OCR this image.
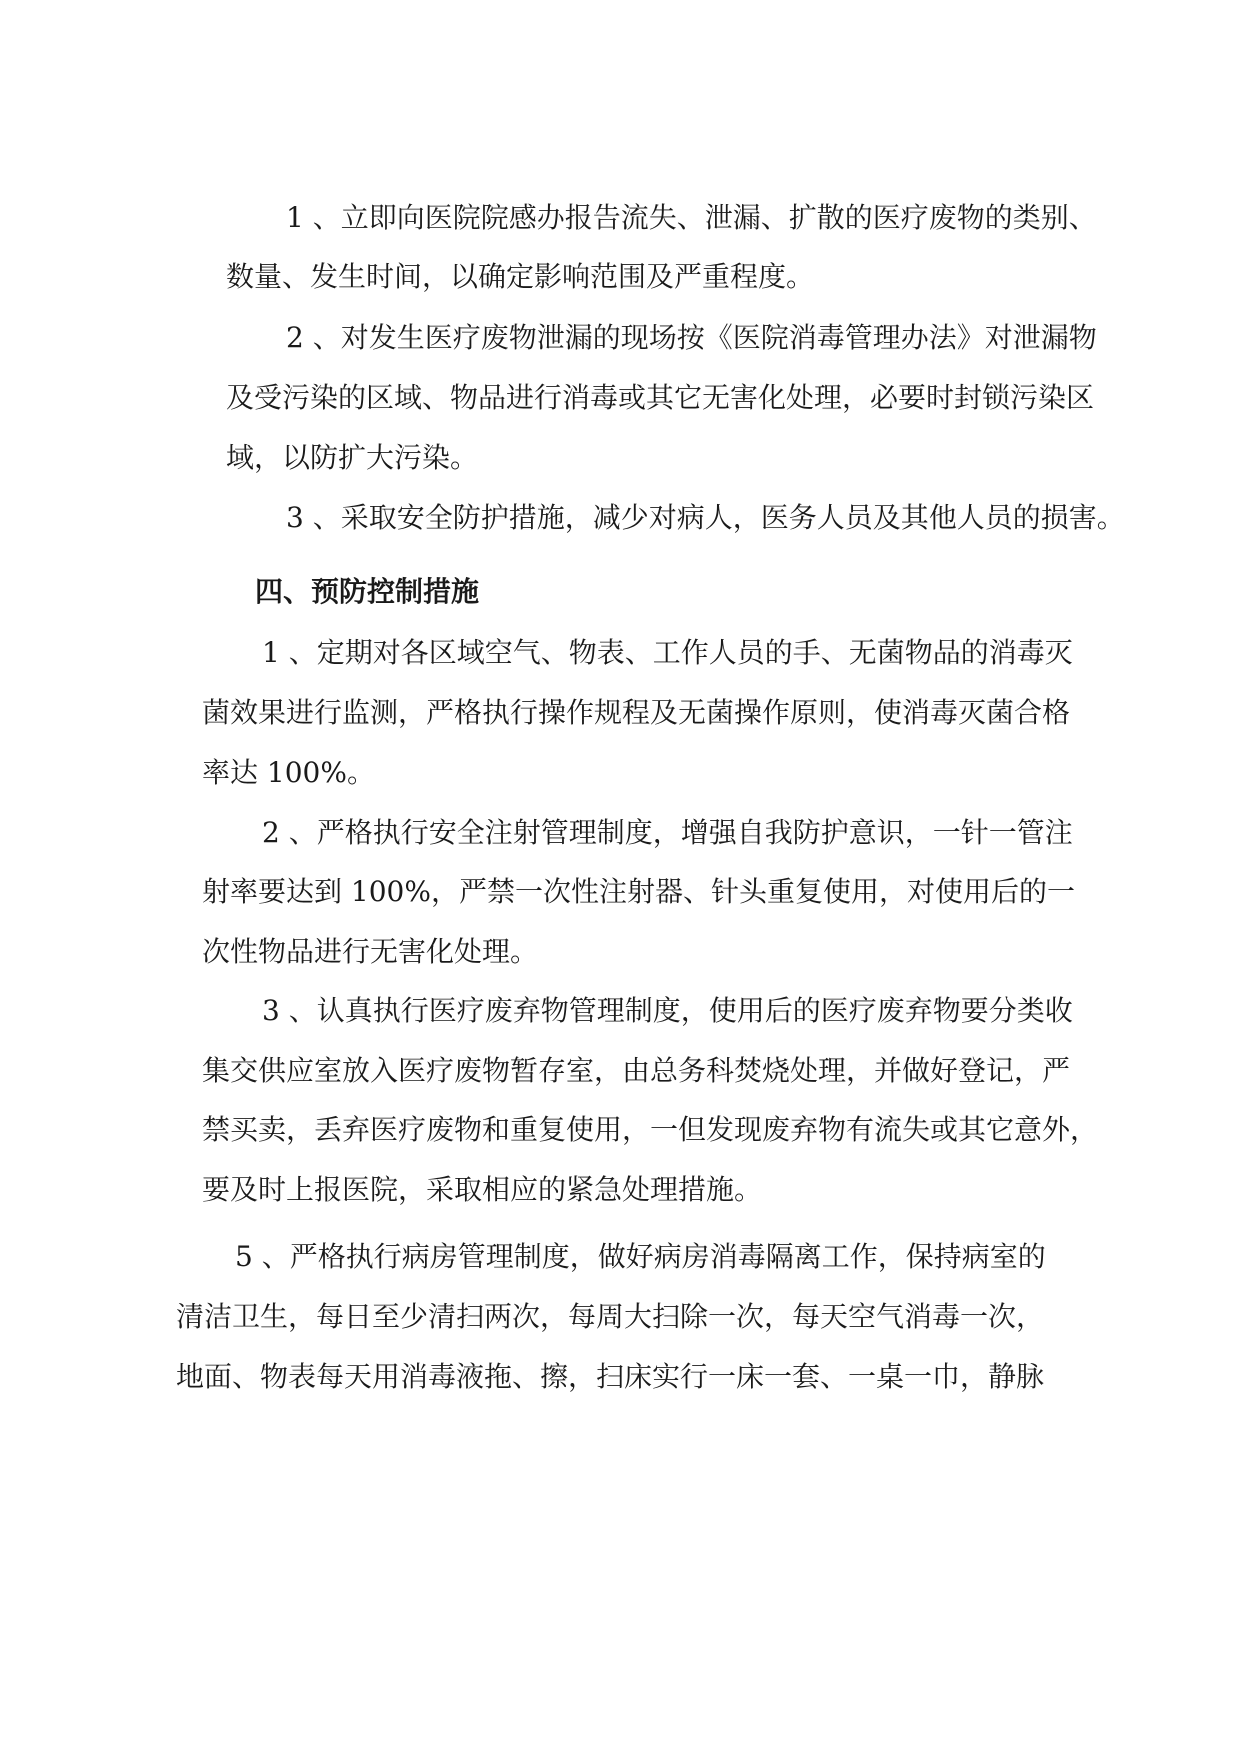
1 、立即向医院院感办报告流失、泄漏、扩散的医疗废物的类别、
数量、发生时间，以确定影响范围及严重程度。
2 、对发生医疗废物泄漏的现场按《医院消毒管理办法》对泄漏物
及受污染的区域、物品进行消毒或其它无害化处理，必要时封锁污染区
域，以防扩大污染。
3 、采取安全防护措施，减少对病人，医务人员及其他人员的损害。
四、预防控制措施
1 、定期对各区域空气、物表、工作人员的手、无菌物品的消毒灭
菌效果进行监测，严格执行操作规程及无菌操作原则，使消毒灭菌合格
率达 100%。
2 、严格执行安全注射管理制度，增强自我防护意识，一针一管注
射率要达到 100%，严禁一次性注射器、针头重复使用，对使用后的一
次性物品进行无害化处理。
3 、认真执行医疗废弃物管理制度，使用后的医疗废弃物要分类收
集交供应室放入医疗废物暂存室，由总务科焚烧处理，并做好登记，严
禁买卖，丢弃医疗废物和重复使用，一但发现废弃物有流失或其它意外，
要及时上报医院，采取相应的紧急处理措施。
5 、严格执行病房管理制度，做好病房消毒隔离工作，保持病室的
清洁卫生，每日至少清扫两次，每周大扫除一次，每天空气消毒一次，
地面、物表每天用消毒液拖、擦，扫床实行一床一套、一桌一巾，静脉
